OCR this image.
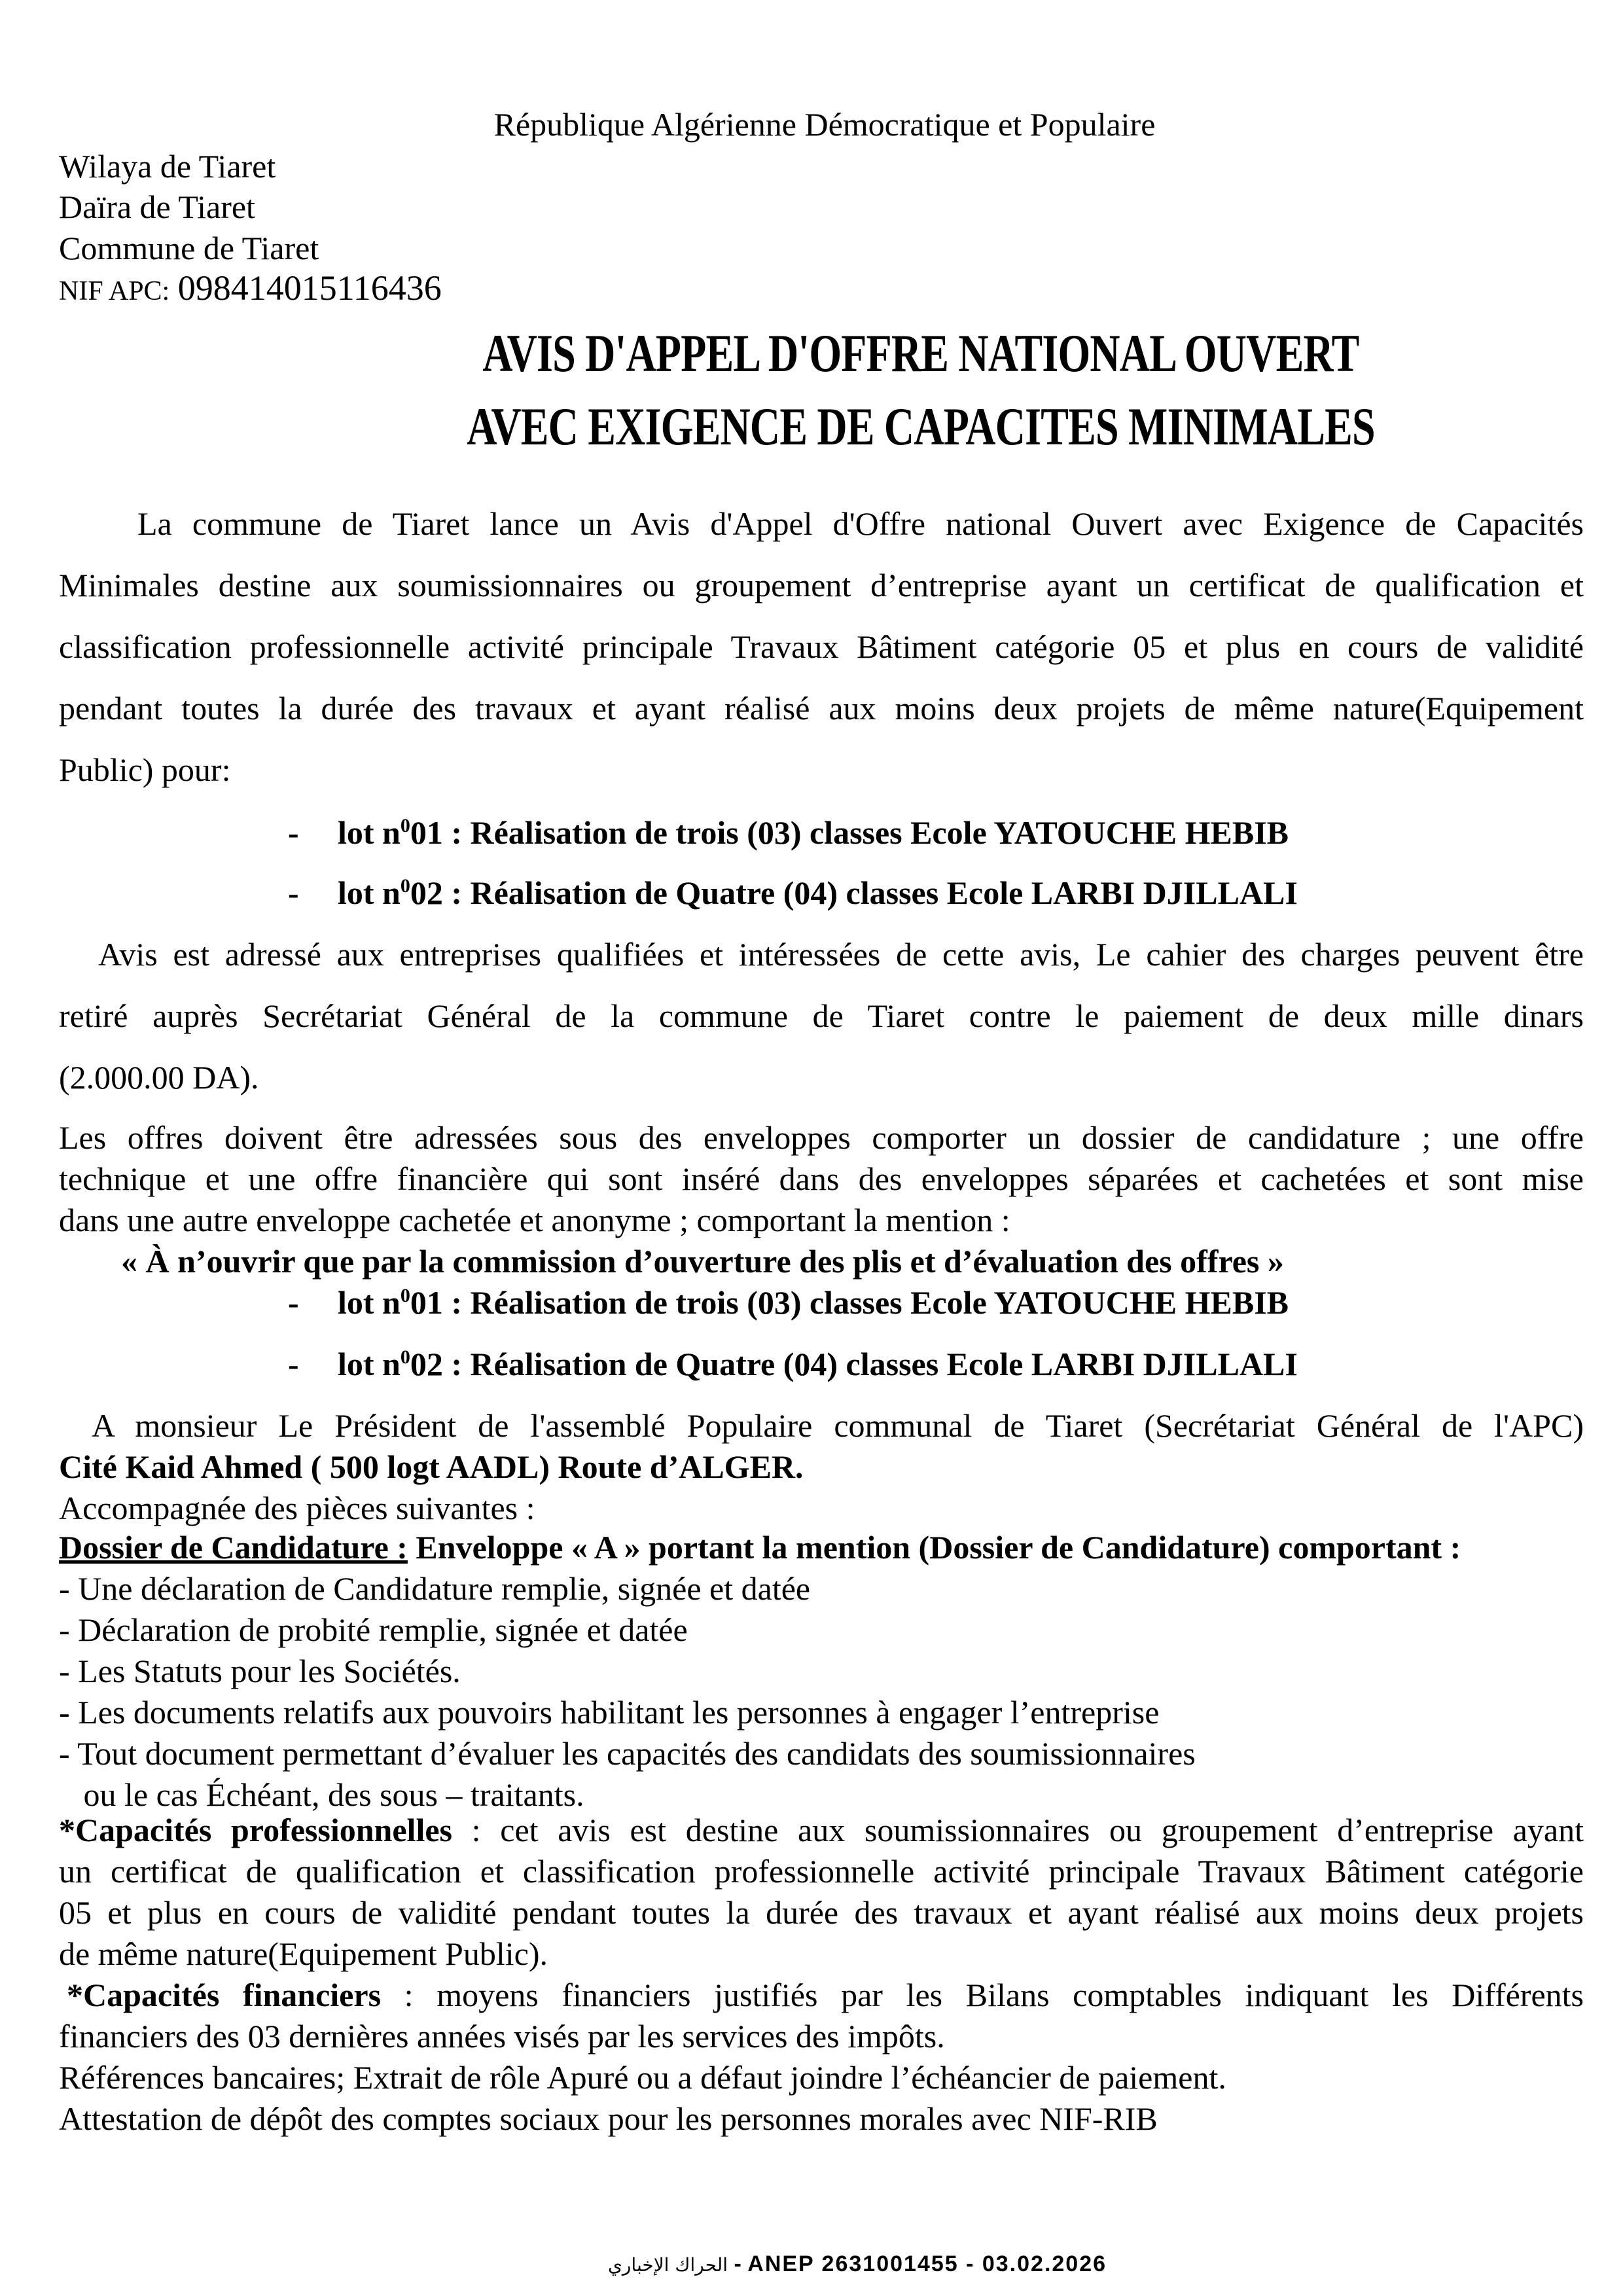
République Algérienne Démocratique et Populaire
Wilaya de Tiaret
Daïra de Tiaret
Commune de Tiaret
NIF APC: 098414015116436
AVIS D'APPEL D'OFFRE NATIONAL OUVERT
AVEC EXIGENCE DE CAPACITES MINIMALES
La commune de Tiaret lance un Avis d'Appel d'Offre national Ouvert avec Exigence de Capacités
Minimales destine aux soumissionnaires ou groupement d’entreprise ayant un certificat de qualification et
classification professionnelle activité principale Travaux Bâtiment catégorie 05 et plus en cours de validité
pendant toutes la durée des travaux et ayant réalisé aux moins deux projets de même nature(Equipement
Public) pour:
- lot $n^001$ : Réalisation de trois (03) classes Ecole YATOUCHE HEBIB
- lot $n^002$ : Réalisation de Quatre (04) classes Ecole LARBI DJILLALI
Avis est adressé aux entreprises qualifiées et intéressées de cette avis, Le cahier des charges peuvent être
retiré auprès Secrétariat Général de la commune de Tiaret contre le paiement de deux mille dinars
(2.000.00 DA).
Les offres doivent être adressées sous des enveloppes comporter un dossier de candidature ; une offre
technique et une offre financière qui sont inséré dans des enveloppes séparées et cachetées et sont mise
dans une autre enveloppe cachetée et anonyme ; comportant la mention :
« À n’ouvrir que par la commission d’ouverture des plis et d’évaluation des offres »
- lot $n^001$ : Réalisation de trois (03) classes Ecole YATOUCHE HEBIB
- lot $n^002$ : Réalisation de Quatre (04) classes Ecole LARBI DJILLALI
A monsieur Le Président de l'assemblé Populaire communal de Tiaret (Secrétariat Général de l'APC)
Cité Kaid Ahmed ( 500 logt AADL) Route d’ALGER.
Accompagnée des pièces suivantes :
Dossier de Candidature : Enveloppe « A » portant la mention (Dossier de Candidature) comportant :
- Une déclaration de Candidature remplie, signée et datée
- Déclaration de probité remplie, signée et datée
- Les Statuts pour les Sociétés.
- Les documents relatifs aux pouvoirs habilitant les personnes à engager l’entreprise
- Tout document permettant d’évaluer les capacités des candidats des soumissionnaires
ou le cas Échéant, des sous – traitants.
*Capacités professionnelles : cet avis est destine aux soumissionnaires ou groupement d’entreprise ayant
un certificat de qualification et classification professionnelle activité principale Travaux Bâtiment catégorie
05 et plus en cours de validité pendant toutes la durée des travaux et ayant réalisé aux moins deux projets
de même nature(Equipement Public).
*Capacités financiers : moyens financiers justifiés par les Bilans comptables indiquant les Différents
financiers des 03 dernières années visés par les services des impôts.
Références bancaires; Extrait de rôle Apuré ou a défaut joindre l’échéancier de paiement.
Attestation de dépôt des comptes sociaux pour les personnes morales avec NIF-RIB
الحراك الإخباري - ANEP 2631001455 - 03.02.2026
